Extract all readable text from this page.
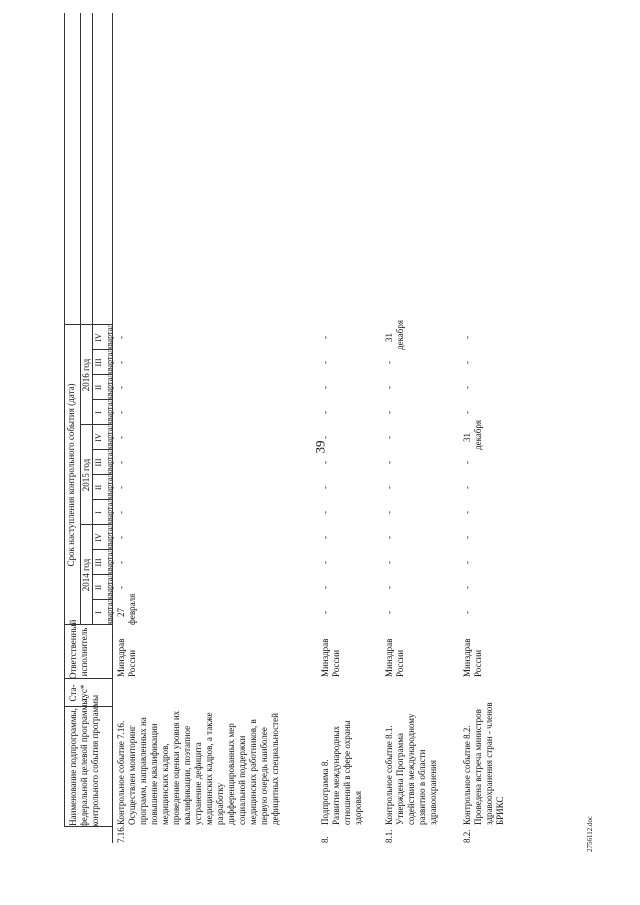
39
Наименование подпрограммы, федеральной целевой программы, контрольного события программы
Ста- тус*
Ответственный исполнитель
Срок наступления контрольного события (дата)
2014 год
2015 год
2016 год
I квартал
II квартал
III квартал
IV квартал
I квартал
II квартал
III квартал
IV квартал
I квартал
II квартал
III квартал
IV квартал
7.16.
Контрольное событие 7.16. Осуществлен мониторинг программ, направленных на повышение квалификации медицинских кадров, проведение оценки уровня их квалификации, поэтапное устранение дефицита медицинских кадров, а также разработку дифференцированных мер социальной поддержки медицинских работников, в первую очередь наиболее дефицитных специальностей
Минздрав России
27 февраля
-
-
-
-
-
-
-
-
-
-
-
8.
Подпрограмма 8. Развитие международных отношений в сфере охраны здоровья
Минздрав России
-
-
-
-
-
-
-
-
-
-
-
-
8.1.
Контрольное событие 8.1. Утверждена Программа содействия международному развитию в области здравоохранения
Минздрав России
-
-
-
-
-
-
-
-
-
-
-
31 декабря
8.2.
Контрольное событие 8.2. Проведена встреча министров здравоохранения стран - членов БРИКС
Минздрав России
-
-
-
-
-
-
-
31 декабря
-
-
-
-
2756112.doc
